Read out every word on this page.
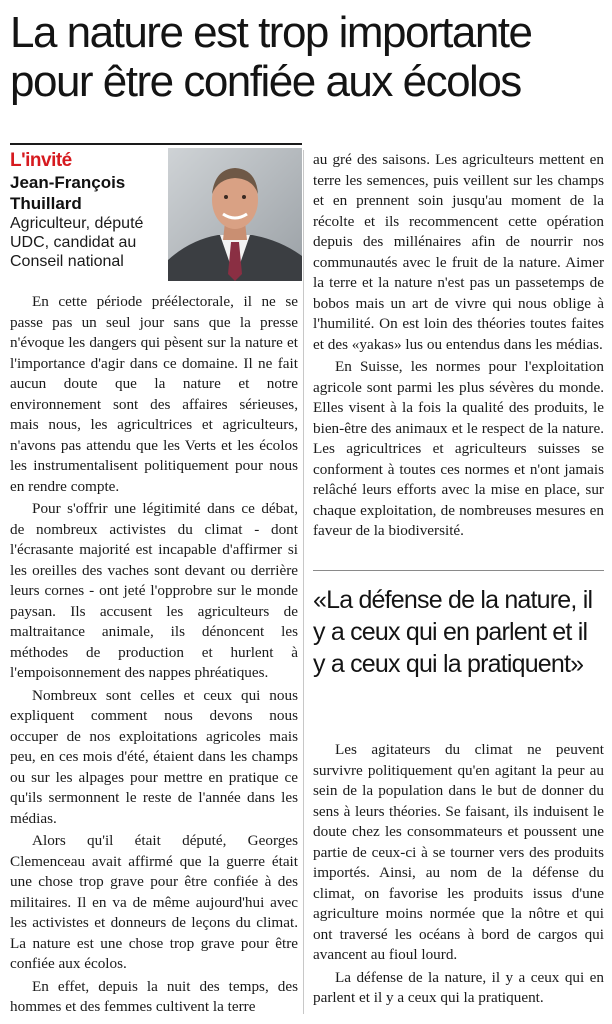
La nature est trop importante pour être confiée aux écolos
L'invité
Jean-François Thuillard
Agriculteur, député UDC, candidat au Conseil national

En cette période préélectorale, il ne se passe pas un seul jour sans que la presse n'évoque les dangers qui pèsent sur la nature et l'importance d'agir dans ce domaine. Il ne fait aucun doute que la nature et notre environnement sont des affaires sérieuses, mais nous, les agricultrices et agriculteurs, n'avons pas attendu que les Verts et les écolos les instrumentalisent politiquement pour nous en rendre compte.

Pour s'offrir une légitimité dans ce débat, de nombreux activistes du climat - dont l'écrasante majorité est incapable d'affirmer si les oreilles des vaches sont devant ou derrière leurs cornes - ont jeté l'opprobre sur le monde paysan. Ils accusent les agriculteurs de maltraitance animale, ils dénoncent les méthodes de production et hurlent à l'empoisonnement des nappes phréatiques.

Nombreux sont celles et ceux qui nous expliquent comment nous devons nous occuper de nos exploitations agricoles mais peu, en ces mois d'été, étaient dans les champs ou sur les alpages pour mettre en pratique ce qu'ils sermonnent le reste de l'année dans les médias.

Alors qu'il était député, Georges Clemenceau avait affirmé que la guerre était une chose trop grave pour être confiée à des militaires. Il en va de même aujourd'hui avec les activistes et donneurs de leçons du climat. La nature est une chose trop grave pour être confiée aux écolos.

En effet, depuis la nuit des temps, des hommes et des femmes cultivent la terre

au gré des saisons. Les agriculteurs mettent en terre les semences, puis veillent sur les champs et en prennent soin jusqu'au moment de la récolte et ils recommencent cette opération depuis des millénaires afin de nourrir nos communautés avec le fruit de la nature. Aimer la terre et la nature n'est pas un passetemps de bobos mais un art de vivre qui nous oblige à l'humilité. On est loin des théories toutes faites et des «yakas» lus ou entendus dans les médias.

En Suisse, les normes pour l'exploitation agricole sont parmi les plus sévères du monde. Elles visent à la fois la qualité des produits, le bien-être des animaux et le respect de la nature. Les agricultrices et agriculteurs suisses se conforment à toutes ces normes et n'ont jamais relâché leurs efforts avec la mise en place, sur chaque exploitation, de nombreuses mesures en faveur de la biodiversité.

«La défense de la nature, il y a ceux qui en parlent et il y a ceux qui la pratiquent»

Les agitateurs du climat ne peuvent survivre politiquement qu'en agitant la peur au sein de la population dans le but de donner du sens à leurs théories. Se faisant, ils induisent le doute chez les consommateurs et poussent une partie de ceux-ci à se tourner vers des produits importés. Ainsi, au nom de la défense du climat, on favorise les produits issus d'une agriculture moins normée que la nôtre et qui ont traversé les océans à bord de cargos qui avancent au fioul lourd.

La défense de la nature, il y a ceux qui en parlent et il y a ceux qui la pratiquent.
